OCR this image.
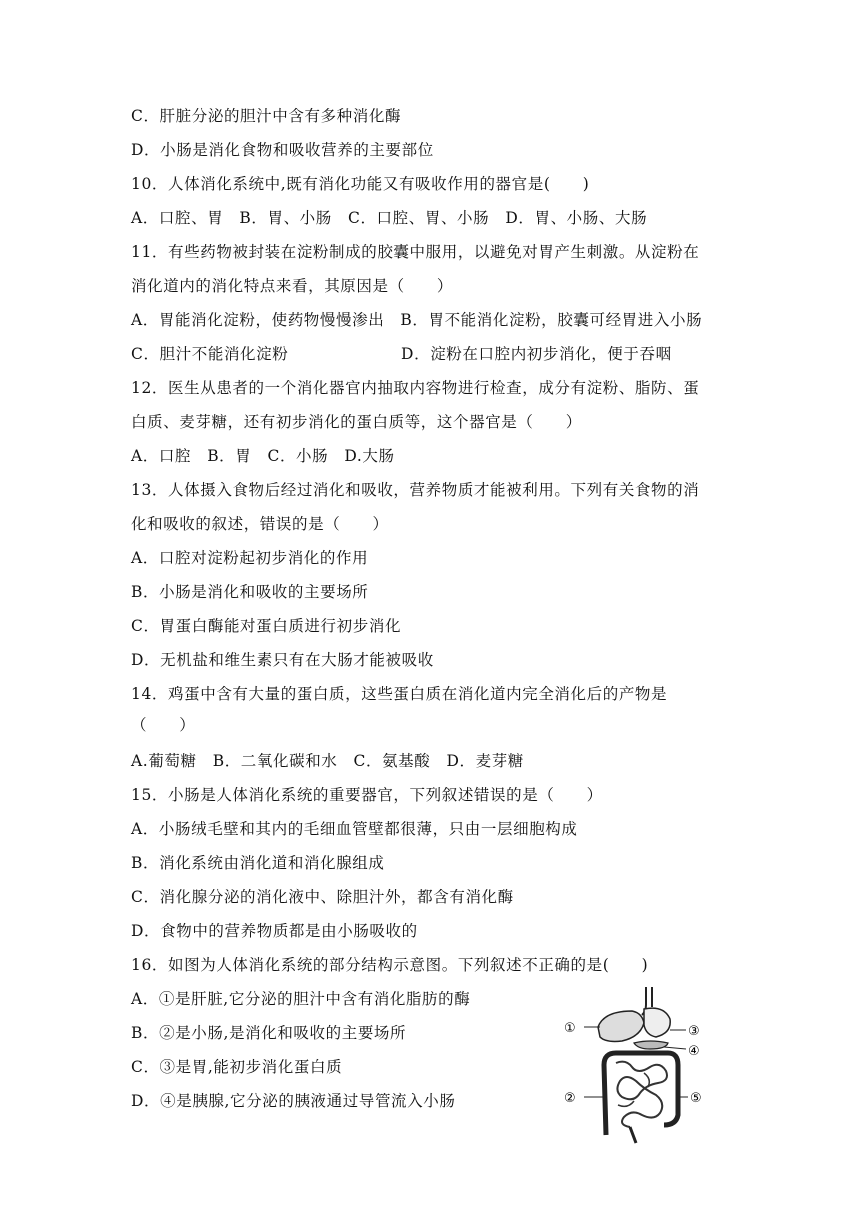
C．肝脏分泌的胆汁中含有多种消化酶
D．小肠是消化食物和吸收营养的主要部位
10．人体消化系统中,既有消化功能又有吸收作用的器官是(　　)
A．口腔、胃　B．胃、小肠　C．口腔、胃、小肠　D．胃、小肠、大肠
11．有些药物被封装在淀粉制成的胶囊中服用，以避免对胃产生刺激。从淀粉在
消化道内的消化特点来看，其原因是（　　）
A．胃能消化淀粉，使药物慢慢渗出　B．胃不能消化淀粉，胶囊可经胃进入小肠
C．胆汁不能消化淀粉　　　　　　　D．淀粉在口腔内初步消化，便于吞咽
12．医生从患者的一个消化器官内抽取内容物进行检查，成分有淀粉、脂防、蛋
白质、麦芽糖，还有初步消化的蛋白质等，这个器官是（　　）
A．口腔　B．胃　C．小肠　D.大肠
13．人体摄入食物后经过消化和吸收，营养物质才能被利用。下列有关食物的消
化和吸收的叙述，错误的是（　　）
A．口腔对淀粉起初步消化的作用
B．小肠是消化和吸收的主要场所
C．胃蛋白酶能对蛋白质进行初步消化
D．无机盐和维生素只有在大肠才能被吸收
14．鸡蛋中含有大量的蛋白质，这些蛋白质在消化道内完全消化后的产物是
（　　）
A.葡萄糖　B．二氧化碳和水　C．氨基酸　D．麦芽糖
15．小肠是人体消化系统的重要器官，下列叙述错误的是（　　）
A．小肠绒毛壁和其内的毛细血管壁都很薄，只由一层细胞构成
B．消化系统由消化道和消化腺组成
C．消化腺分泌的消化液中、除胆汁外，都含有消化酶
D．食物中的营养物质都是由小肠吸收的
16．如图为人体消化系统的部分结构示意图。下列叙述不正确的是(　　)
A．①是肝脏,它分泌的胆汁中含有消化脂肪的酶
B．②是小肠,是消化和吸收的主要场所
C．③是胃,能初步消化蛋白质
D．④是胰腺,它分泌的胰液通过导管流入小肠
①	③
④
②	⑤
